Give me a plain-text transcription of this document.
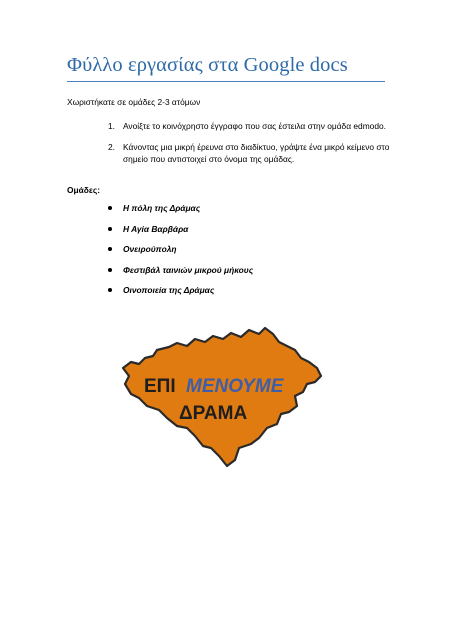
Φύλλο εργασίας στα Google docs
Χωριστήκατε σε ομάδες 2-3 ατόμων
1. Ανοίξτε το κοινόχρηστο έγγραφο που σας έστειλα στην ομάδα edmodo.
2. Κάνοντας μια μικρή έρευνα στο διαδίκτυο, γράψτε ένα μικρό κείμενο στο σημείο που αντιστοιχεί στο όνομα της ομάδας.
Ομάδες:
Η πόλη της Δράμας
Η Αγία Βαρβάρα
Ονειρούπολη
Φεστιβάλ ταινιών μικρού μήκους
Οινοποιεία της Δράμας
ΕΠΙ ΜΕΝΟΥΜΕ
ΔΡΑΜΑ
